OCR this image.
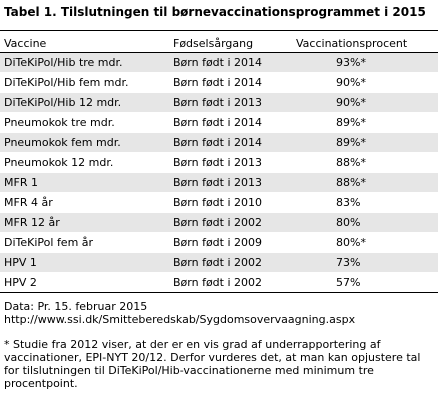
Tabel 1. Tilslutningen til børnevaccinationsprogrammet i 2015
Vaccine	Fødselsårgang	Vaccinationsprocent
DiTeKiPol/Hib tre mdr.	Børn født i 2014	93%*
DiTeKiPol/Hib fem mdr.	Børn født i 2014	90%*
DiTeKiPol/Hib 12 mdr.	Børn født i 2013	90%*
Pneumokok tre mdr.	Børn født i 2014	89%*
Pneumokok fem mdr.	Børn født i 2014	89%*
Pneumokok 12 mdr.	Børn født i 2013	88%*
MFR 1	Børn født i 2013	88%*
MFR 4 år	Børn født i 2010	83%
MFR 12 år	Børn født i 2002	80%
DiTeKiPol fem år	Børn født i 2009	80%*
HPV 1	Børn født i 2002	73%
HPV 2	Børn født i 2002	57%
Data: Pr. 15. februar 2015
http://www.ssi.dk/Smitteberedskab/Sygdomsovervaagning.aspx
* Studie fra 2012 viser, at der er en vis grad af underrapportering af
vaccinationer, EPI-NYT 20/12. Derfor vurderes det, at man kan opjustere tal
for tilslutningen til DiTeKiPol/Hib-vaccinationerne med minimum tre
procentpoint.
